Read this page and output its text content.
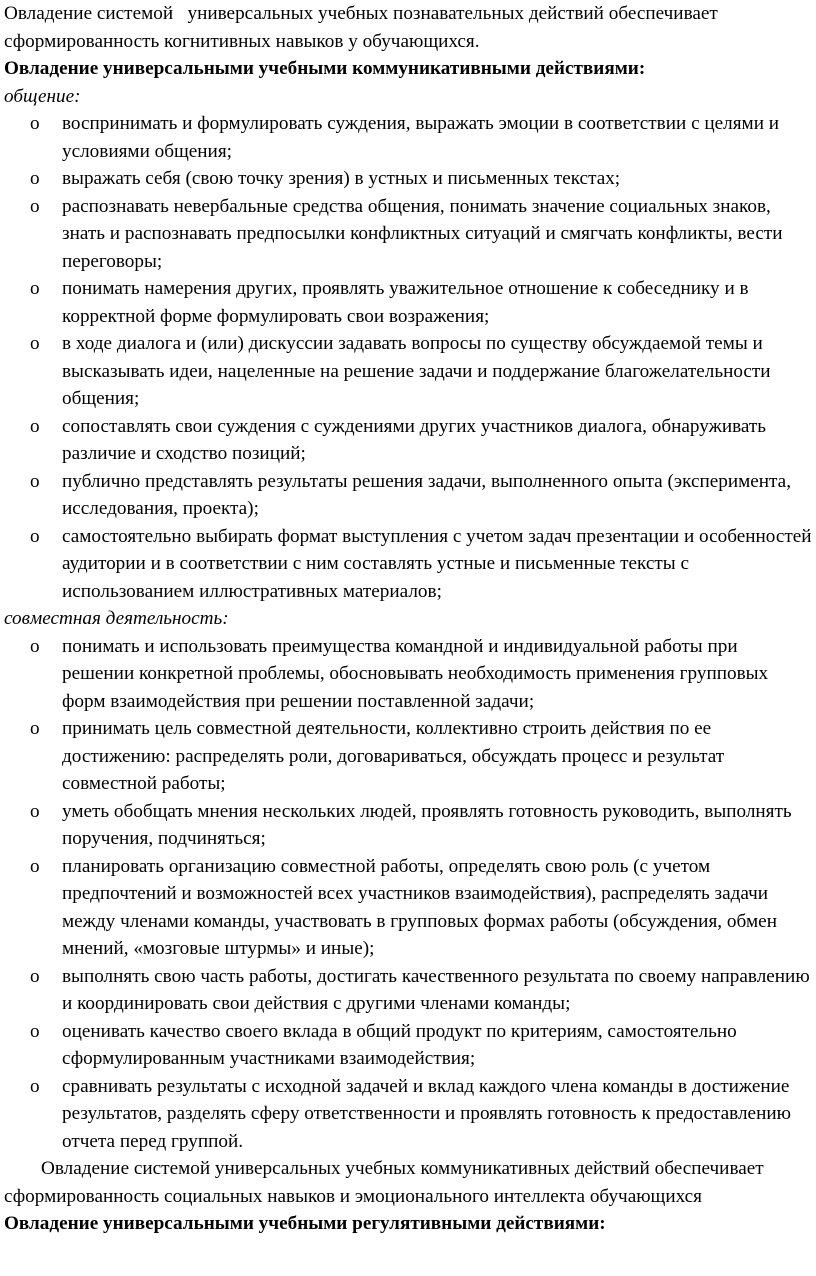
Овладение системой   универсальных учебных познавательных действий обеспечивает сформированность когнитивных навыков у обучающихся.

Овладение универсальными учебными коммуникативными действиями:

общение:

o воспринимать и формулировать суждения, выражать эмоции в соответствии с целями и условиями общения;
o выражать себя (свою точку зрения) в устных и письменных текстах;
o распознавать невербальные средства общения, понимать значение социальных знаков, знать и распознавать предпосылки конфликтных ситуаций и смягчать конфликты, вести переговоры;
o понимать намерения других, проявлять уважительное отношение к собеседнику и в корректной форме формулировать свои возражения;
o в ходе диалога и (или) дискуссии задавать вопросы по существу обсуждаемой темы и высказывать идеи, нацеленные на решение задачи и поддержание благожелательности общения;
o сопоставлять свои суждения с суждениями других участников диалога, обнаруживать различие и сходство позиций;
o публично представлять результаты решения задачи, выполненного опыта (эксперимента, исследования, проекта);
o самостоятельно выбирать формат выступления с учетом задач презентации и особенностей аудитории и в соответствии с ним составлять устные и письменные тексты с использованием иллюстративных материалов;

совместная деятельность:

o понимать и использовать преимущества командной и индивидуальной работы при решении конкретной проблемы, обосновывать необходимость применения групповых форм взаимодействия при решении поставленной задачи;
o принимать цель совместной деятельности, коллективно строить действия по ее достижению: распределять роли, договариваться, обсуждать процесс и результат совместной работы;
o уметь обобщать мнения нескольких людей, проявлять готовность руководить, выполнять поручения, подчиняться;
o планировать организацию совместной работы, определять свою роль (с учетом предпочтений и возможностей всех участников взаимодействия), распределять задачи между членами команды, участвовать в групповых формах работы (обсуждения, обмен мнений, «мозговые штурмы» и иные);
o выполнять свою часть работы, достигать качественного результата по своему направлению и координировать свои действия с другими членами команды;
o оценивать качество своего вклада в общий продукт по критериям, самостоятельно сформулированным участниками взаимодействия;
o сравнивать результаты с исходной задачей и вклад каждого члена команды в достижение результатов, разделять сферу ответственности и проявлять готовность к предоставлению отчета перед группой.

Овладение системой универсальных учебных коммуникативных действий обеспечивает сформированность социальных навыков и эмоционального интеллекта обучающихся

Овладение универсальными учебными регулятивными действиями:
